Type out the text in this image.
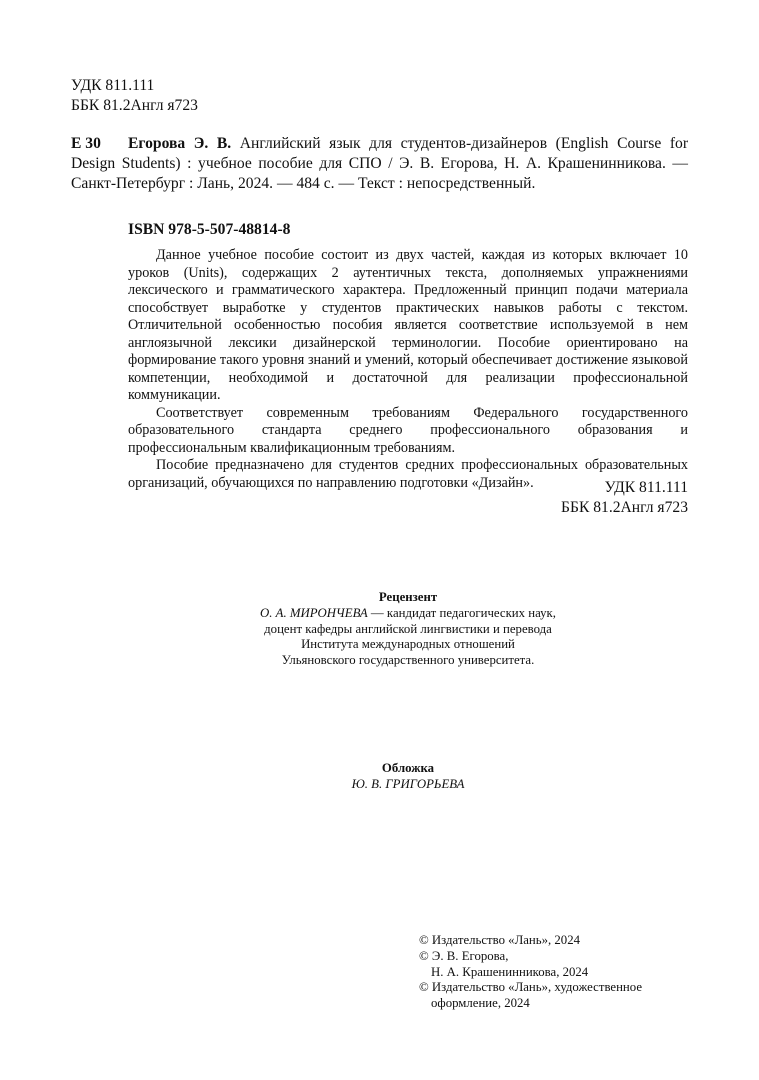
УДК 811.111
ББК 81.2Англ я723
Е 30	Егорова Э. В. Английский язык для студентов-дизайнеров (English Course for Design Students) : учебное пособие для СПО / Э. В. Егорова, Н. А. Крашенинникова. — Санкт-Петербург : Лань, 2024. — 484 с. — Текст : непосредственный.
ISBN 978-5-507-48814-8

Данное учебное пособие состоит из двух частей, каждая из которых включает 10 уроков (Units), содержащих 2 аутентичных текста, дополняемых упражнениями лексического и грамматического характера. Предложенный принцип подачи материала способствует выработке у студентов практических навыков работы с текстом. Отличительной особенностью пособия является соответствие используемой в нем англоязычной лексики дизайнерской терминологии. Пособие ориентировано на формирование такого уровня знаний и умений, который обеспечивает достижение языковой компетенции, необходимой и достаточной для реализации профессиональной коммуникации.

Соответствует современным требованиям Федерального государственного образовательного стандарта среднего профессионального образования и профессиональным квалификационным требованиям.

Пособие предназначено для студентов средних профессиональных образовательных организаций, обучающихся по направлению подготовки «Дизайн».	УДК 811.111
ББК 81.2Англ я723
Рецензент
О. А. МИРОНЧЕВА — кандидат педагогических наук,
доцент кафедры английской лингвистики и перевода
Института международных отношений
Ульяновского государственного университета.
Обложка
Ю. В. ГРИГОРЬЕВА
© Издательство «Лань», 2024
© Э. В. Егорова,
Н. А. Крашенинникова, 2024
© Издательство «Лань», художественное
оформление, 2024
